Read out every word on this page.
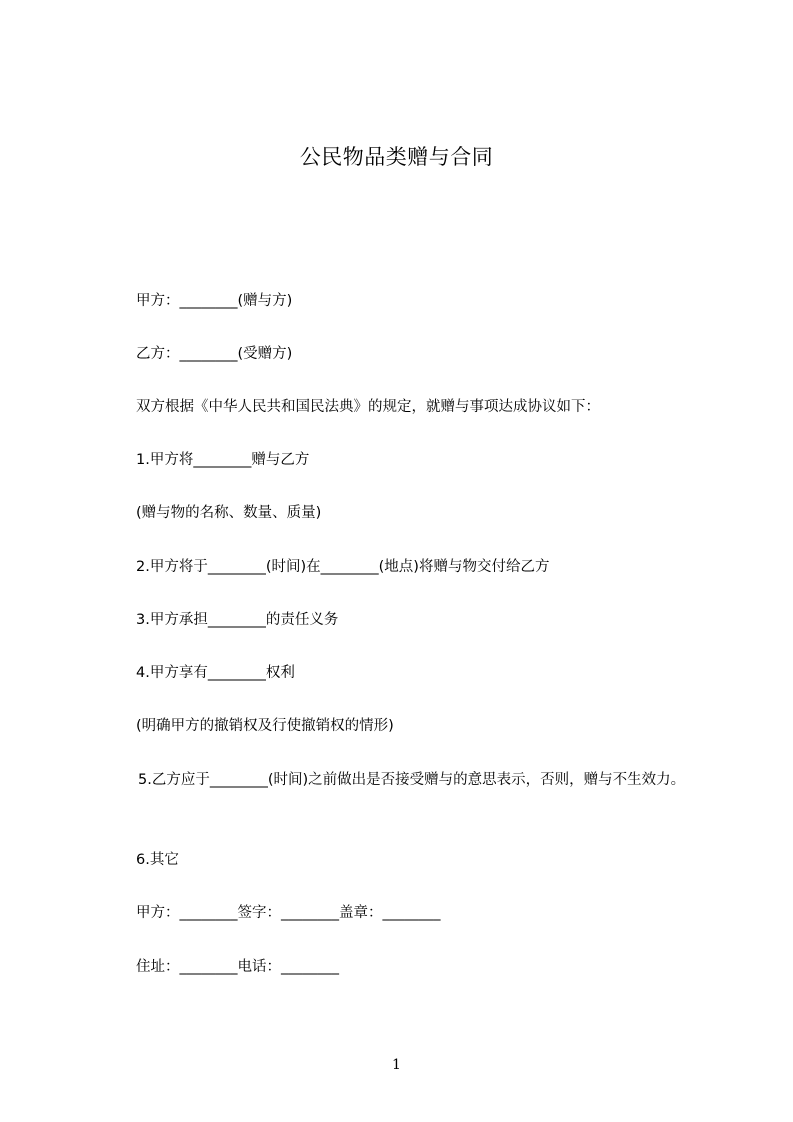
公民物品类赠与合同
甲方：________(赠与方)
乙方：________(受赠方)
双方根据《中华人民共和国民法典》的规定，就赠与事项达成协议如下：
1.甲方将________赠与乙方
(赠与物的名称、数量、质量)
2.甲方将于________(时间)在________(地点)将赠与物交付给乙方
3.甲方承担________的责任义务
4.甲方享有________权利
(明确甲方的撤销权及行使撤销权的情形)
5.乙方应于________(时间)之前做出是否接受赠与的意思表示，否则，赠与不生效力。
6.其它
甲方：________签字：________盖章：________
住址：________电话：________
1
